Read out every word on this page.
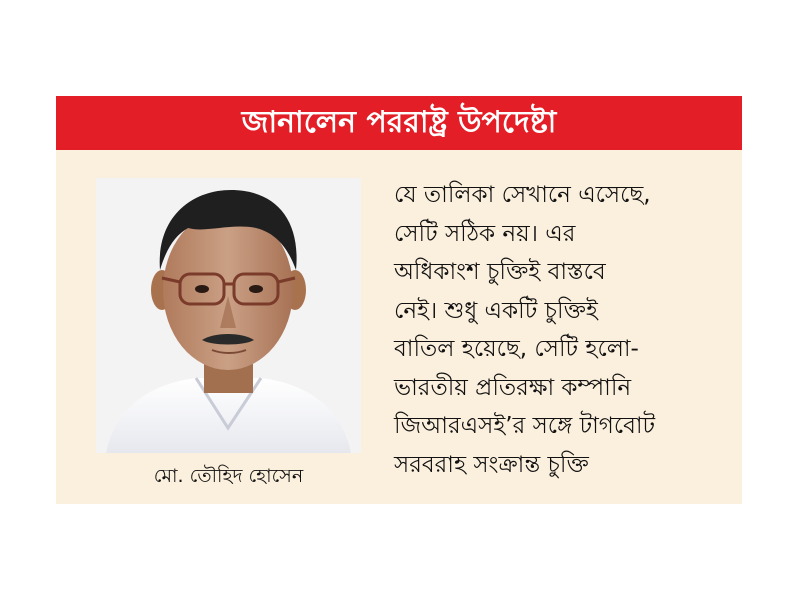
জানালেন পররাষ্ট্র উপদেষ্টা
মো. তৌহিদ হোসেন
যে তালিকা সেখানে এসেছে,
সেটি সঠিক নয়। এর
অধিকাংশ চুক্তিই বাস্তবে
নেই। শুধু একটি চুক্তিই
বাতিল হয়েছে, সেটি হলো-
ভারতীয় প্রতিরক্ষা কম্পানি
জিআরএসই’র সঙ্গে টাগবোট
সরবরাহ সংক্রান্ত চুক্তি
